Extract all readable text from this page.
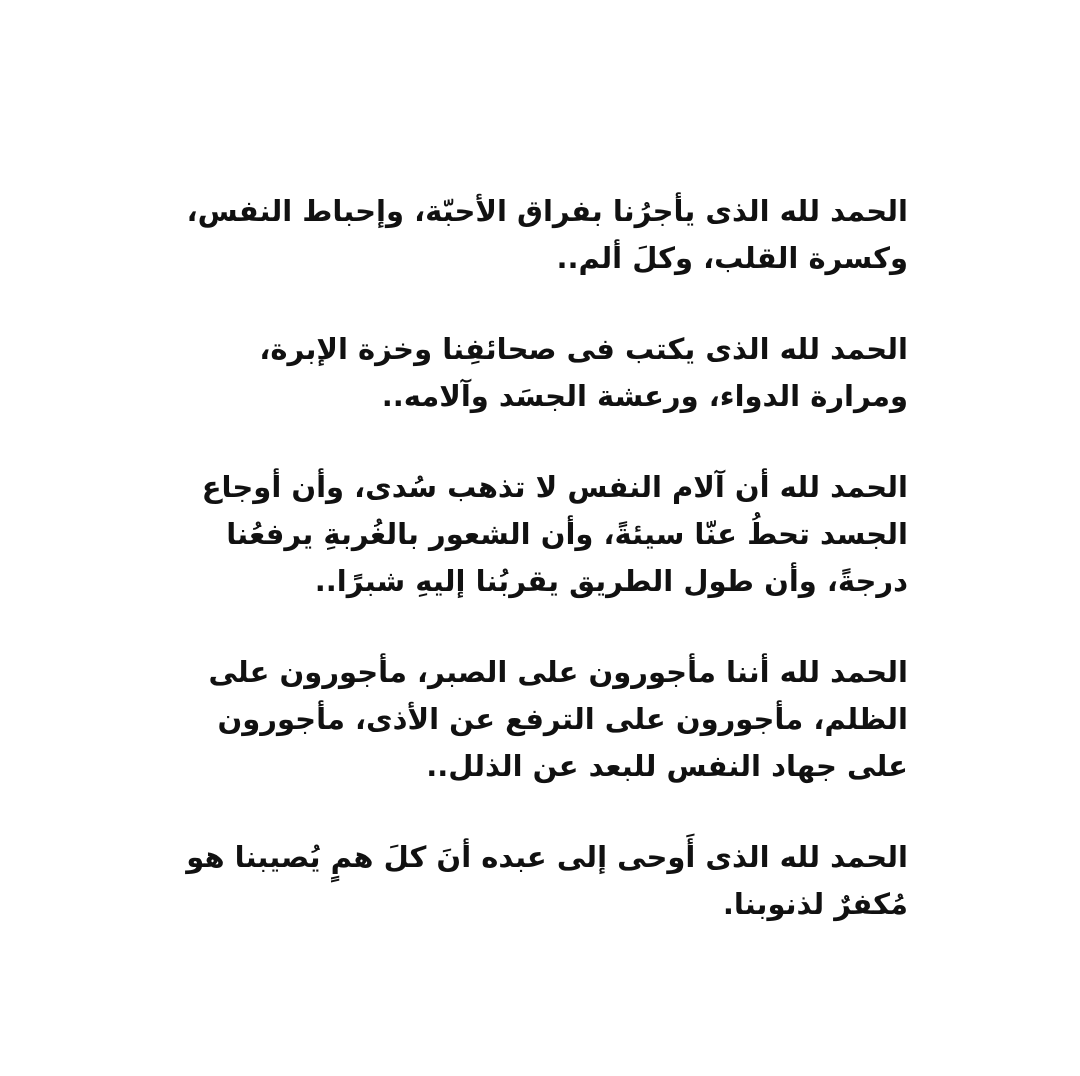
الحمد لله الذى يأجرُنا بفراق الأحبّة، وإحباط النفس، وكسرة القلب، وكلَ ألم..

الحمد لله الذى يكتب فى صحائفِنا وخزة الإبرة، ومرارة الدواء، ورعشة الجسَد وآلامه..

الحمد لله أن آلام النفس لا تذهب سُدى، وأن أوجاع الجسد تحطُ عنّا سيئةً، وأن الشعور بالغُربةِ يرفعُنا درجةً، وأن طول الطريق يقربُنا إليهِ شبرًا..

الحمد لله أننا مأجورون على الصبر، مأجورون على الظلم، مأجورون على الترفع عن الأذى، مأجورون على جهاد النفس للبعد عن الذلل..

الحمد لله الذى أَوحى إلى عبده أنَ كلَ همٍ يُصيبنا هو مُكفرٌ لذنوبنا.
